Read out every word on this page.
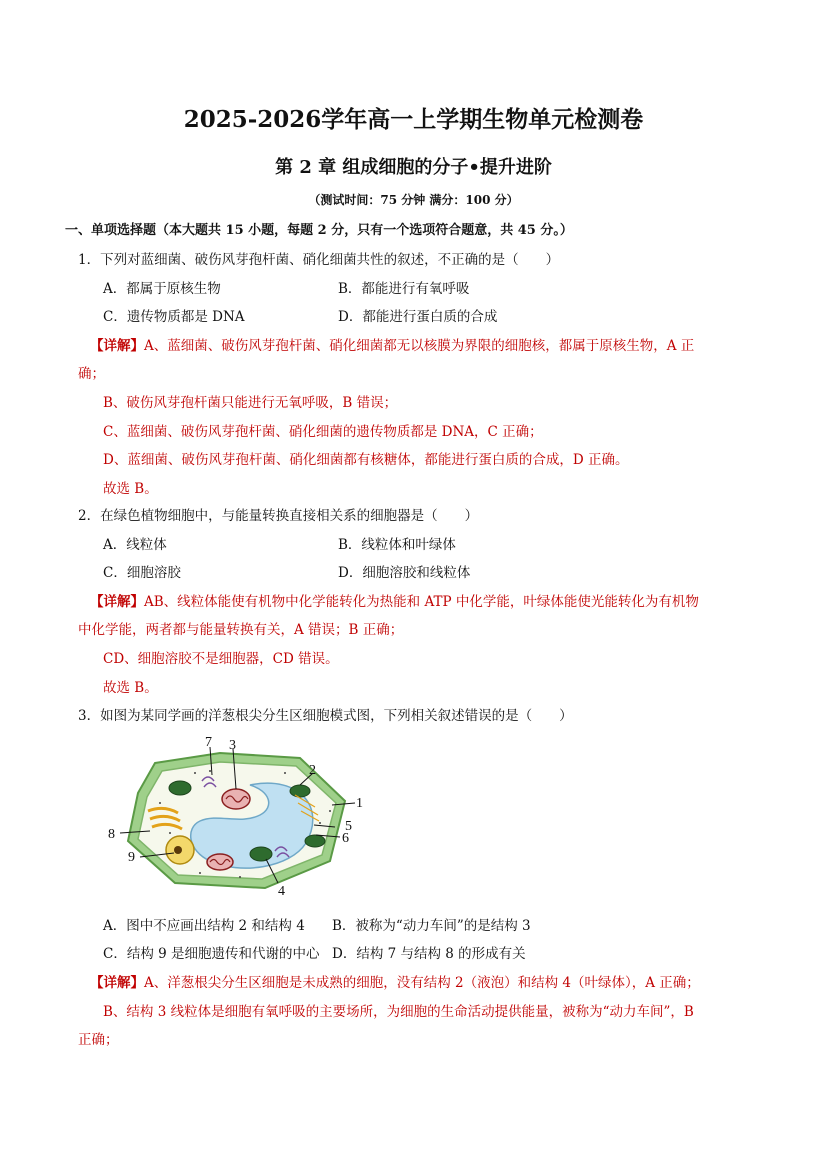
2025-2026学年高一上学期生物单元检测卷
第 2 章 组成细胞的分子•提升进阶
（测试时间：75 分钟 满分：100 分）
一、单项选择题（本大题共 15 小题，每题 2 分，只有一个选项符合题意，共 45 分。）
1．下列对蓝细菌、破伤风芽孢杆菌、硝化细菌共性的叙述，不正确的是（　　）
A．都属于原核生物	B．都能进行有氧呼吸
C．遗传物质都是 DNA	D．都能进行蛋白质的合成
【详解】A、蓝细菌、破伤风芽孢杆菌、硝化细菌都无以核膜为界限的细胞核，都属于原核生物，A 正
确；
B、破伤风芽孢杆菌只能进行无氧呼吸，B 错误；
C、蓝细菌、破伤风芽孢杆菌、硝化细菌的遗传物质都是 DNA，C 正确；
D、蓝细菌、破伤风芽孢杆菌、硝化细菌都有核糖体，都能进行蛋白质的合成，D 正确。
故选 B。
2．在绿色植物细胞中，与能量转换直接相关系的细胞器是（　　）
A．线粒体	B．线粒体和叶绿体
C．细胞溶胶	D．细胞溶胶和线粒体
【详解】AB、线粒体能使有机物中化学能转化为热能和 ATP 中化学能，叶绿体能使光能转化为有机物
中化学能，两者都与能量转换有关，A 错误；B 正确；
CD、细胞溶胶不是细胞器，CD 错误。
故选 B。
3．如图为某同学画的洋葱根尖分生区细胞模式图，下列相关叙述错误的是（　　）
7 3
2
1
5
6
4
8
9
A．图中不应画出结构 2 和结构 4 B．被称为“动力车间”的是结构 3
C．结构 9 是细胞遗传和代谢的中心 D．结构 7 与结构 8 的形成有关
【详解】A、洋葱根尖分生区细胞是未成熟的细胞，没有结构 2（液泡）和结构 4（叶绿体），A 正确；
B、结构 3 线粒体是细胞有氧呼吸的主要场所，为细胞的生命活动提供能量，被称为“动力车间”，B
正确；
